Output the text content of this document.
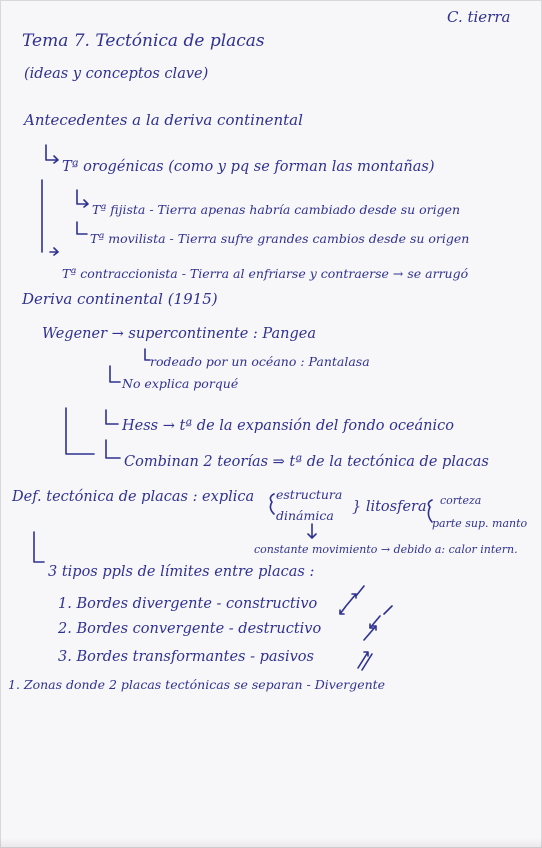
C. tierra
Tema 7. Tectónica de placas
(ideas y conceptos clave)
Antecedentes a la deriva continental
Tª orogénicas (como y pq se forman las montañas)
Tª fijista - Tierra apenas habría cambiado desde su origen
Tª movilista - Tierra sufre grandes cambios desde su origen
Tª contraccionista - Tierra al enfriarse y contraerse → se arrugó
Deriva continental (1915)
Wegener → supercontinente : Pangea
rodeado por un océano : Pantalasa
No explica porqué
Hess → tª de la expansión del fondo oceánico
Combinan 2 teorías ⇒ tª de la tectónica de placas
Def. tectónica de placas : explica estructura
dinámica
} litosfera corteza
parte sup. manto
constante movimiento → debido a: calor intern.
3 tipos ppls de límites entre placas :
1. Bordes divergente - constructivo
2. Bordes convergente - destructivo
3. Bordes transformantes - pasivos
1. Zonas donde 2 placas tectónicas se separan - Divergente
